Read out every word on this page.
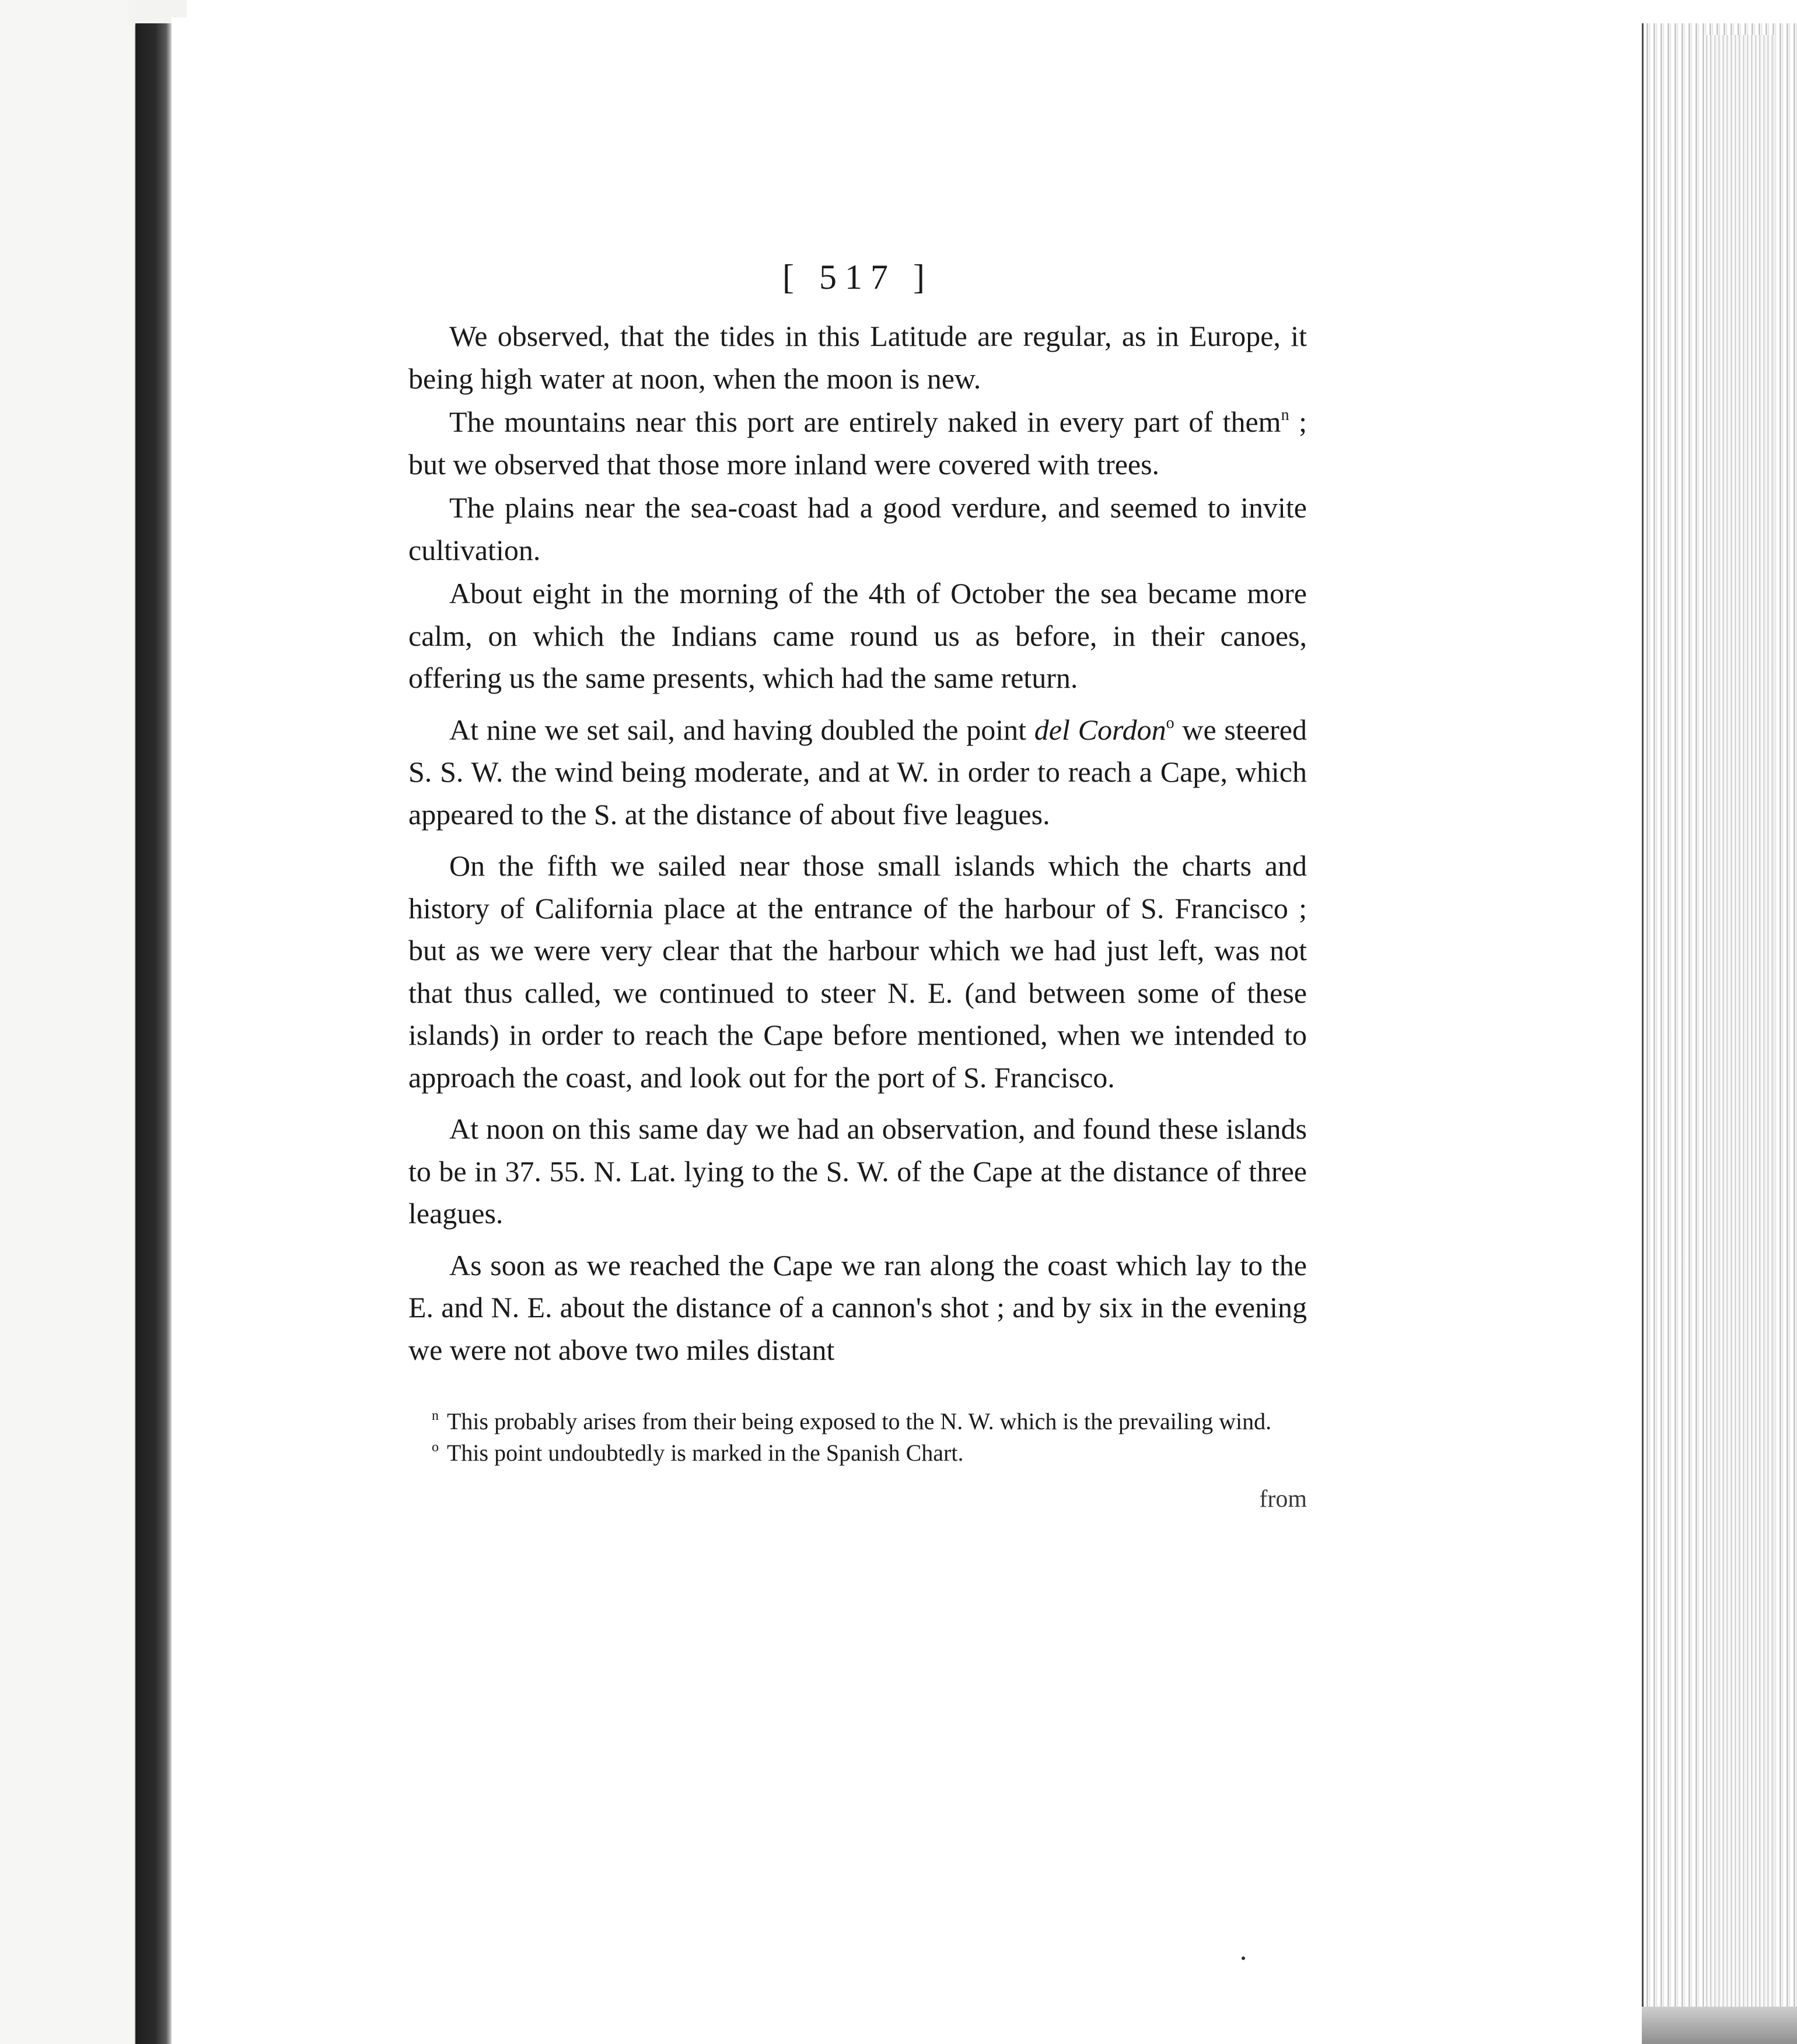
[ 517 ]

We observed, that the tides in this Latitude are regular, as in Europe, it being high water at noon, when the moon is new.

The mountains near this port are entirely naked in every part of them$^n$ ; but we observed that those more inland were covered with trees.

The plains near the sea-coast had a good verdure, and seemed to invite cultivation.

About eight in the morning of the 4th of October the sea became more calm, on which the Indians came round us as before, in their canoes, offering us the same presents, which had the same return.

At nine we set sail, and having doubled the point del Cordon$^o$ we steered S. S. W. the wind being moderate, and at W. in order to reach a Cape, which appeared to the S. at the distance of about five leagues.

On the fifth we sailed near those small islands which the charts and history of California place at the entrance of the harbour of S. Francisco ; but as we were very clear that the harbour which we had just left, was not that thus called, we continued to steer N. E. (and between some of these islands) in order to reach the Cape before mentioned, when we intended to approach the coast, and look out for the port of S. Francisco.

At noon on this same day we had an observation, and found these islands to be in 37. 55. N. Lat. lying to the S. W. of the Cape at the distance of three leagues.

As soon as we reached the Cape we ran along the coast which lay to the E. and N. E. about the distance of a cannon's shot ; and by six in the evening we were not above two miles distant

$^n$ This probably arises from their being exposed to the N. W. which is the prevailing wind.

$^o$ This point undoubtedly is marked in the Spanish Chart.

from
